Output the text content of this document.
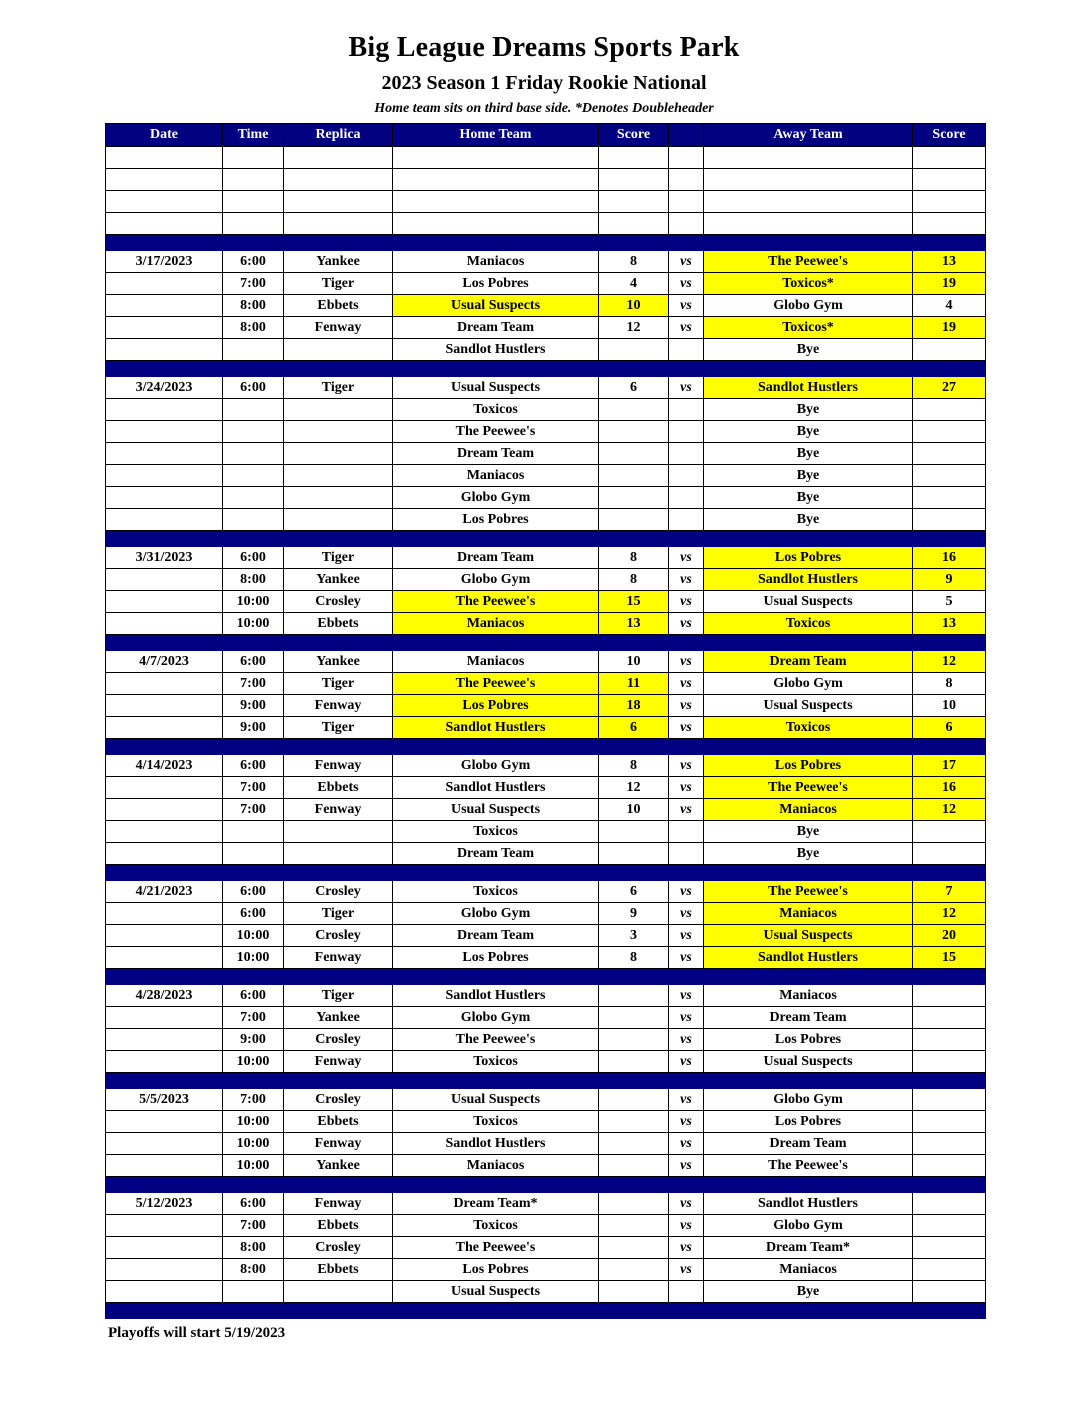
Big League Dreams Sports Park
2023 Season 1 Friday Rookie National
Home team sits on third base side. *Denotes Doubleheader
Date	Time	Replica	Home Team	Score		Away Team	Score

3/17/2023	6:00	Yankee	Maniacos	8	vs	The Peewee's	13
	7:00	Tiger	Los Pobres	4	vs	Toxicos*	19
	8:00	Ebbets	Usual Suspects	10	vs	Globo Gym	4
	8:00	Fenway	Dream Team	12	vs	Toxicos*	19
			Sandlot Hustlers			Bye	

3/24/2023	6:00	Tiger	Usual Suspects	6	vs	Sandlot Hustlers	27
			Toxicos			Bye	
			The Peewee's			Bye	
			Dream Team			Bye	
			Maniacos			Bye	
			Globo Gym			Bye	
			Los Pobres			Bye	

3/31/2023	6:00	Tiger	Dream Team	8	vs	Los Pobres	16
	8:00	Yankee	Globo Gym	8	vs	Sandlot Hustlers	9
	10:00	Crosley	The Peewee's	15	vs	Usual Suspects	5
	10:00	Ebbets	Maniacos	13	vs	Toxicos	13

4/7/2023	6:00	Yankee	Maniacos	10	vs	Dream Team	12
	7:00	Tiger	The Peewee's	11	vs	Globo Gym	8
	9:00	Fenway	Los Pobres	18	vs	Usual Suspects	10
	9:00	Tiger	Sandlot Hustlers	6	vs	Toxicos	6

4/14/2023	6:00	Fenway	Globo Gym	8	vs	Los Pobres	17
	7:00	Ebbets	Sandlot Hustlers	12	vs	The Peewee's	16
	7:00	Fenway	Usual Suspects	10	vs	Maniacos	12
			Toxicos			Bye	
			Dream Team			Bye	

4/21/2023	6:00	Crosley	Toxicos	6	vs	The Peewee's	7
	6:00	Tiger	Globo Gym	9	vs	Maniacos	12
	10:00	Crosley	Dream Team	3	vs	Usual Suspects	20
	10:00	Fenway	Los Pobres	8	vs	Sandlot Hustlers	15

4/28/2023	6:00	Tiger	Sandlot Hustlers		vs	Maniacos	
	7:00	Yankee	Globo Gym		vs	Dream Team	
	9:00	Crosley	The Peewee's		vs	Los Pobres	
	10:00	Fenway	Toxicos		vs	Usual Suspects	

5/5/2023	7:00	Crosley	Usual Suspects		vs	Globo Gym	
	10:00	Ebbets	Toxicos		vs	Los Pobres	
	10:00	Fenway	Sandlot Hustlers		vs	Dream Team	
	10:00	Yankee	Maniacos		vs	The Peewee's	

5/12/2023	6:00	Fenway	Dream Team*		vs	Sandlot Hustlers	
	7:00	Ebbets	Toxicos		vs	Globo Gym	
	8:00	Crosley	The Peewee's		vs	Dream Team*	
	8:00	Ebbets	Los Pobres		vs	Maniacos	
			Usual Suspects			Bye	

Playoffs will start 5/19/2023
